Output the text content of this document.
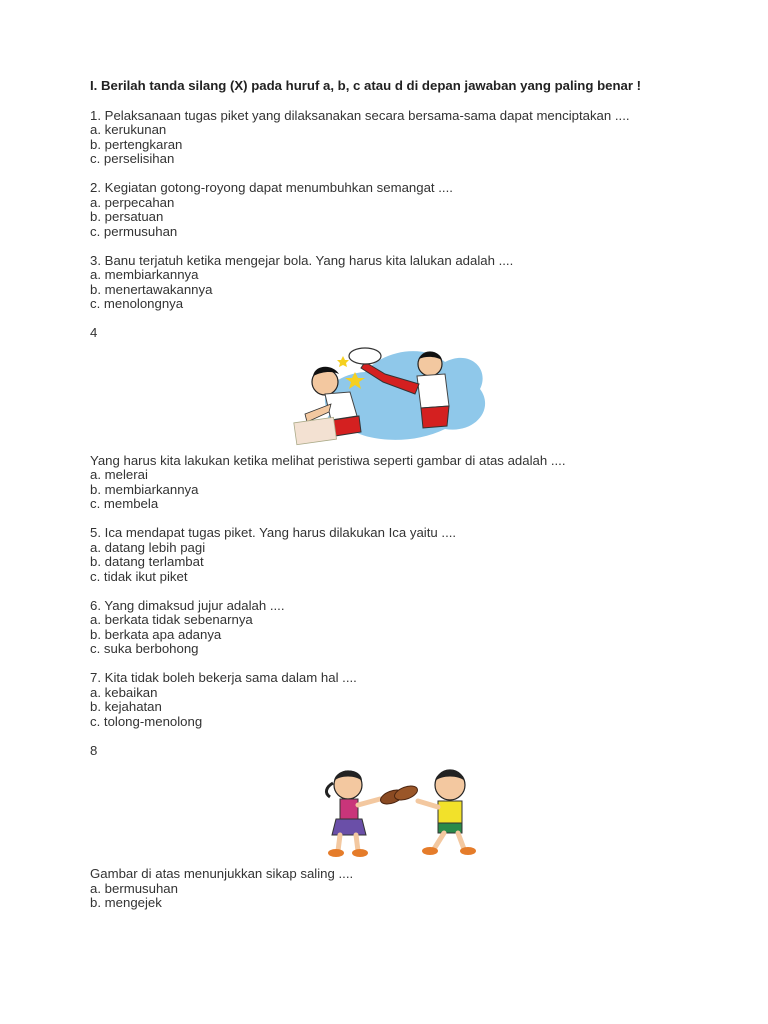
I. Berilah tanda silang (X) pada huruf a, b, c atau d di depan jawaban yang paling benar !

1. Pelaksanaan tugas piket yang dilaksanakan secara bersama-sama dapat menciptakan ....

a. kerukunan

b. pertengkaran

c. perselisihan

2. Kegiatan gotong-royong dapat menumbuhkan semangat ....

a. perpecahan

b. persatuan

c. permusuhan

3. Banu terjatuh ketika mengejar bola. Yang harus kita lalukan adalah ....

a. membiarkannya

b. menertawakannya

c. menolongnya

4

Yang harus kita lakukan ketika melihat peristiwa seperti gambar di atas adalah ....

a. melerai

b. membiarkannya

c. membela

5. Ica mendapat tugas piket. Yang harus dilakukan Ica yaitu ....

a. datang lebih pagi

b. datang terlambat

c. tidak ikut piket

6. Yang dimaksud jujur adalah ....

a. berkata tidak sebenarnya

b. berkata apa adanya

c. suka berbohong

7. Kita tidak boleh bekerja sama dalam hal ....

a. kebaikan

b. kejahatan

c. tolong-menolong

8

Gambar di atas menunjukkan sikap saling ....

a. bermusuhan

b. mengejek
